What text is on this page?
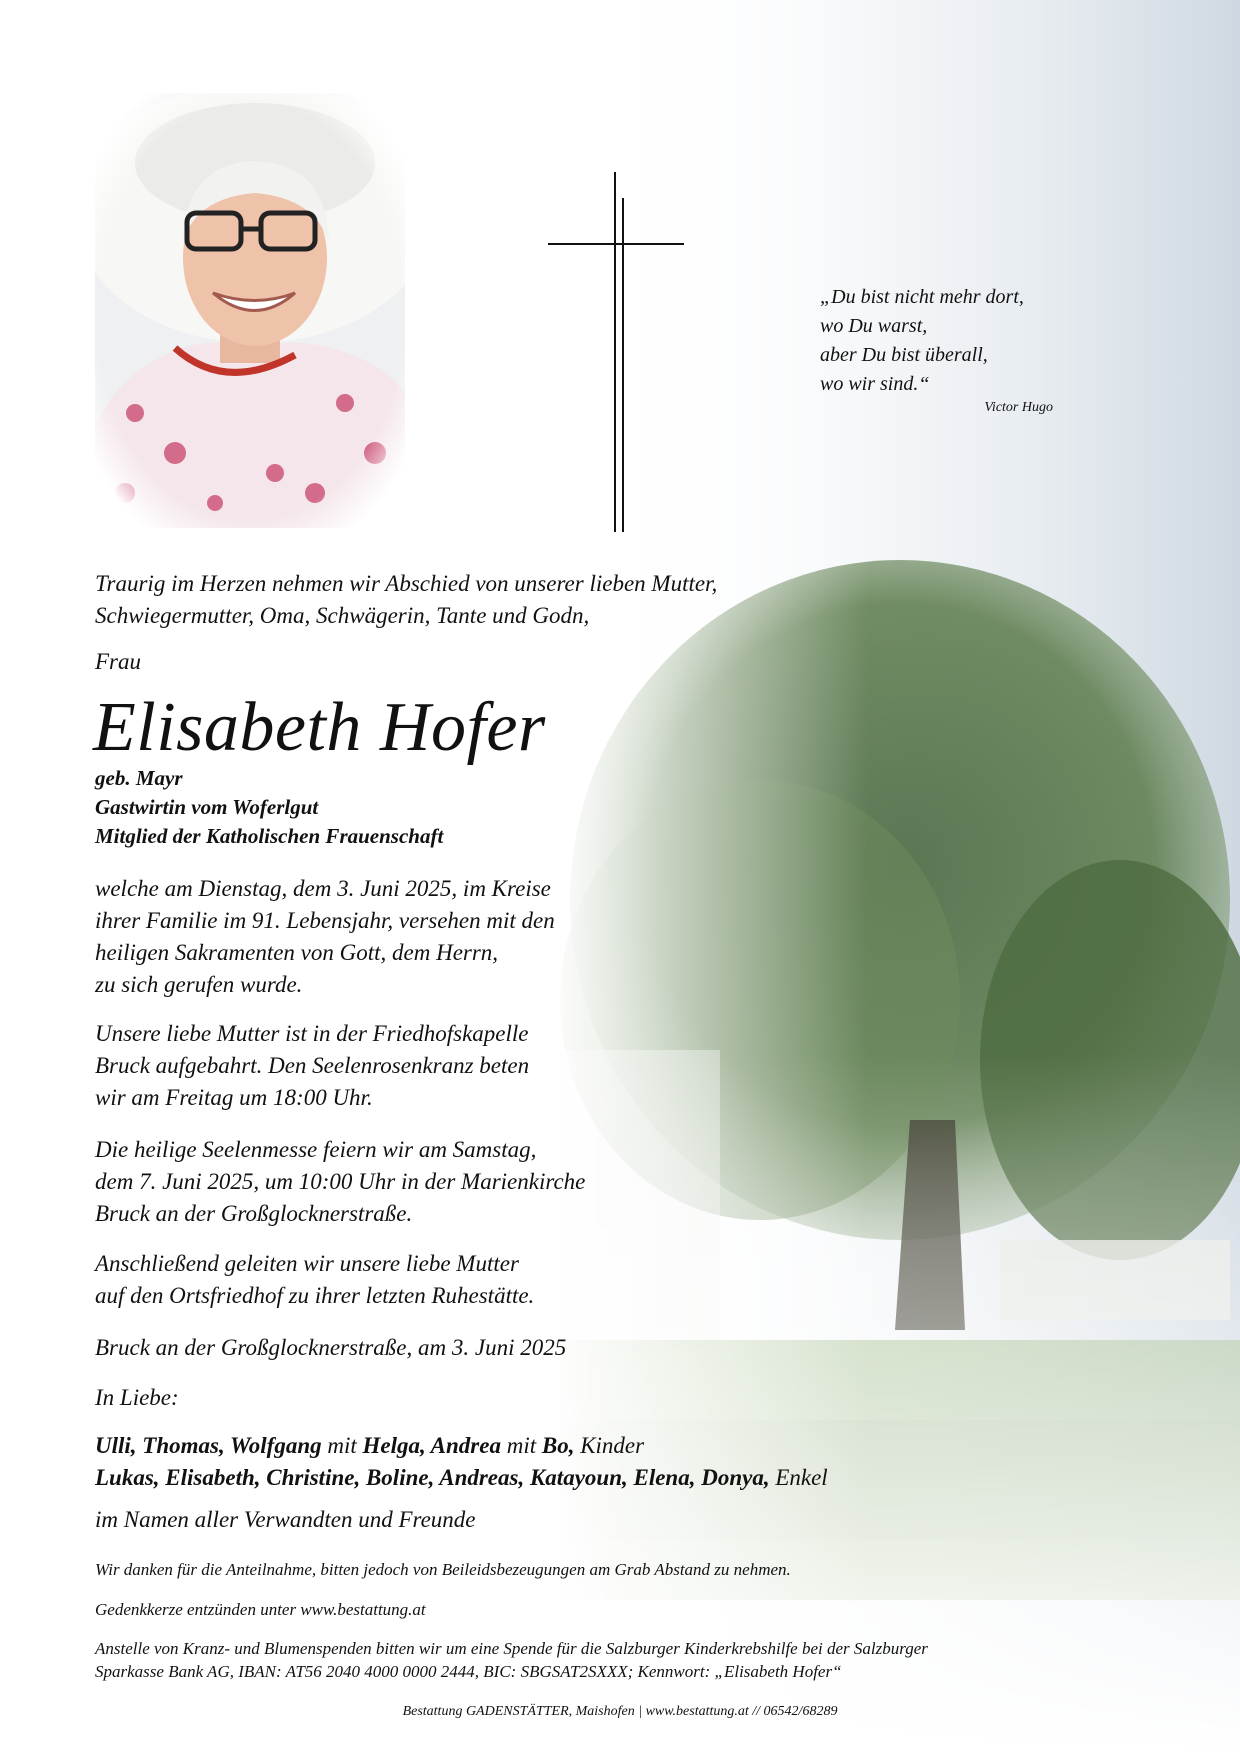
„Du bist nicht mehr dort,
wo Du warst,
aber Du bist überall,
wo wir sind.“
Victor Hugo
Traurig im Herzen nehmen wir Abschied von unserer lieben Mutter,
Schwiegermutter, Oma, Schwägerin, Tante und Godn,
Frau
Elisabeth Hofer
geb. Mayr
Gastwirtin vom Woferlgut
Mitglied der Katholischen Frauenschaft
welche am Dienstag, dem 3. Juni 2025, im Kreise
ihrer Familie im 91. Lebensjahr, versehen mit den
heiligen Sakramenten von Gott, dem Herrn,
zu sich gerufen wurde.
Unsere liebe Mutter ist in der Friedhofskapelle
Bruck aufgebahrt. Den Seelenrosenkranz beten
wir am Freitag um 18:00 Uhr.
Die heilige Seelenmesse feiern wir am Samstag,
dem 7. Juni 2025, um 10:00 Uhr in der Marienkirche
Bruck an der Großglocknerstraße.
Anschließend geleiten wir unsere liebe Mutter
auf den Ortsfriedhof zu ihrer letzten Ruhestätte.
Bruck an der Großglocknerstraße, am 3. Juni 2025
In Liebe:
Ulli, Thomas, Wolfgang mit Helga, Andrea mit Bo, Kinder
Lukas, Elisabeth, Christine, Boline, Andreas, Katayoun, Elena, Donya, Enkel
im Namen aller Verwandten und Freunde
Wir danken für die Anteilnahme, bitten jedoch von Beileidsbezeugungen am Grab Abstand zu nehmen.
Gedenkkerze entzünden unter www.bestattung.at
Anstelle von Kranz- und Blumenspenden bitten wir um eine Spende für die Salzburger Kinderkrebshilfe bei der Salzburger
Sparkasse Bank AG, IBAN: AT56 2040 4000 0000 2444, BIC: SBGSAT2SXXX; Kennwort: „Elisabeth Hofer“
Bestattung GADENSTÄTTER, Maishofen | www.bestattung.at // 06542/68289
